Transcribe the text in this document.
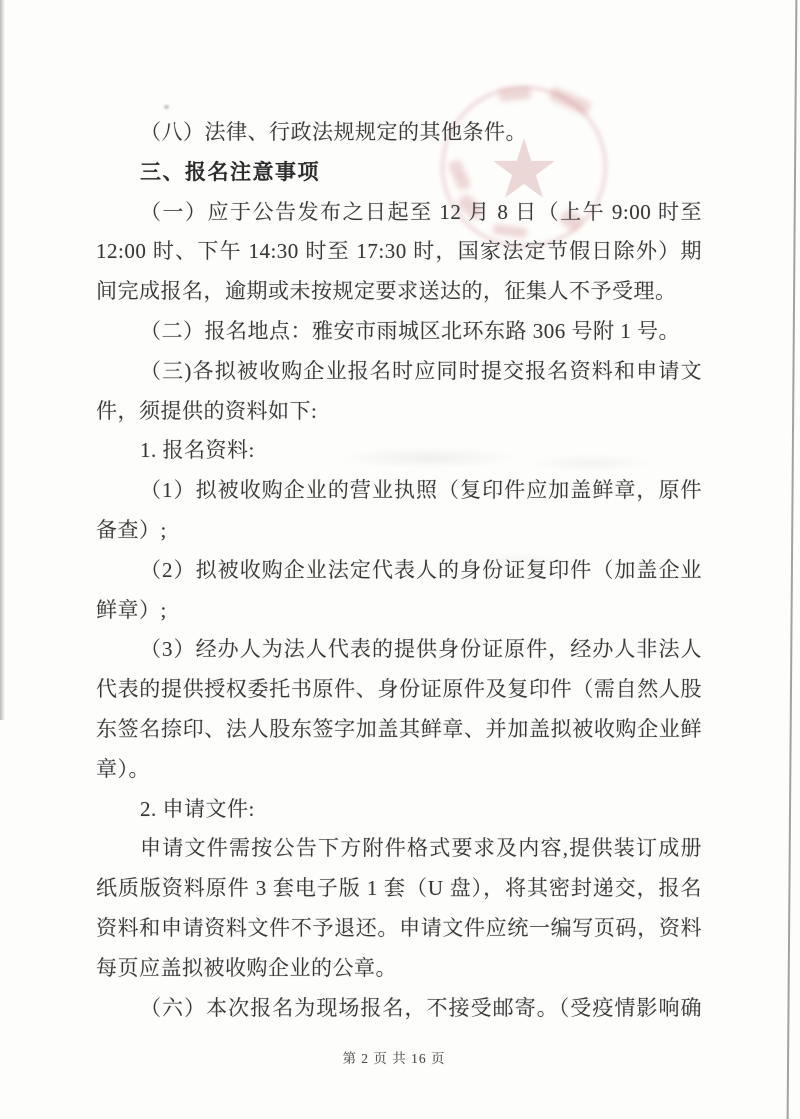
（八）法律、行政法规规定的其他条件。
三、报名注意事项
（一）应于公告发布之日起至 12 月 8 日（上午 9:00 时至
12:00 时、下午 14:30 时至 17:30 时，国家法定节假日除外）期
间完成报名，逾期或未按规定要求送达的，征集人不予受理。
（二）报名地点：雅安市雨城区北环东路 306 号附 1 号。
（三)各拟被收购企业报名时应同时提交报名资料和申请文
件，须提供的资料如下:
1. 报名资料:
（1）拟被收购企业的营业执照（复印件应加盖鲜章，原件
备查）;
（2）拟被收购企业法定代表人的身份证复印件（加盖企业
鲜章）;
（3）经办人为法人代表的提供身份证原件，经办人非法人
代表的提供授权委托书原件、身份证原件及复印件（需自然人股
东签名捺印、法人股东签字加盖其鲜章、并加盖拟被收购企业鲜
章）。
2. 申请文件:
申请文件需按公告下方附件格式要求及内容,提供装订成册
纸质版资料原件 3 套电子版 1 套（U 盘），将其密封递交，报名
资料和申请资料文件不予退还。申请文件应统一编写页码，资料
每页应盖拟被收购企业的公章。
（六）本次报名为现场报名，不接受邮寄。（受疫情影响确
第 2 页 共 16 页
